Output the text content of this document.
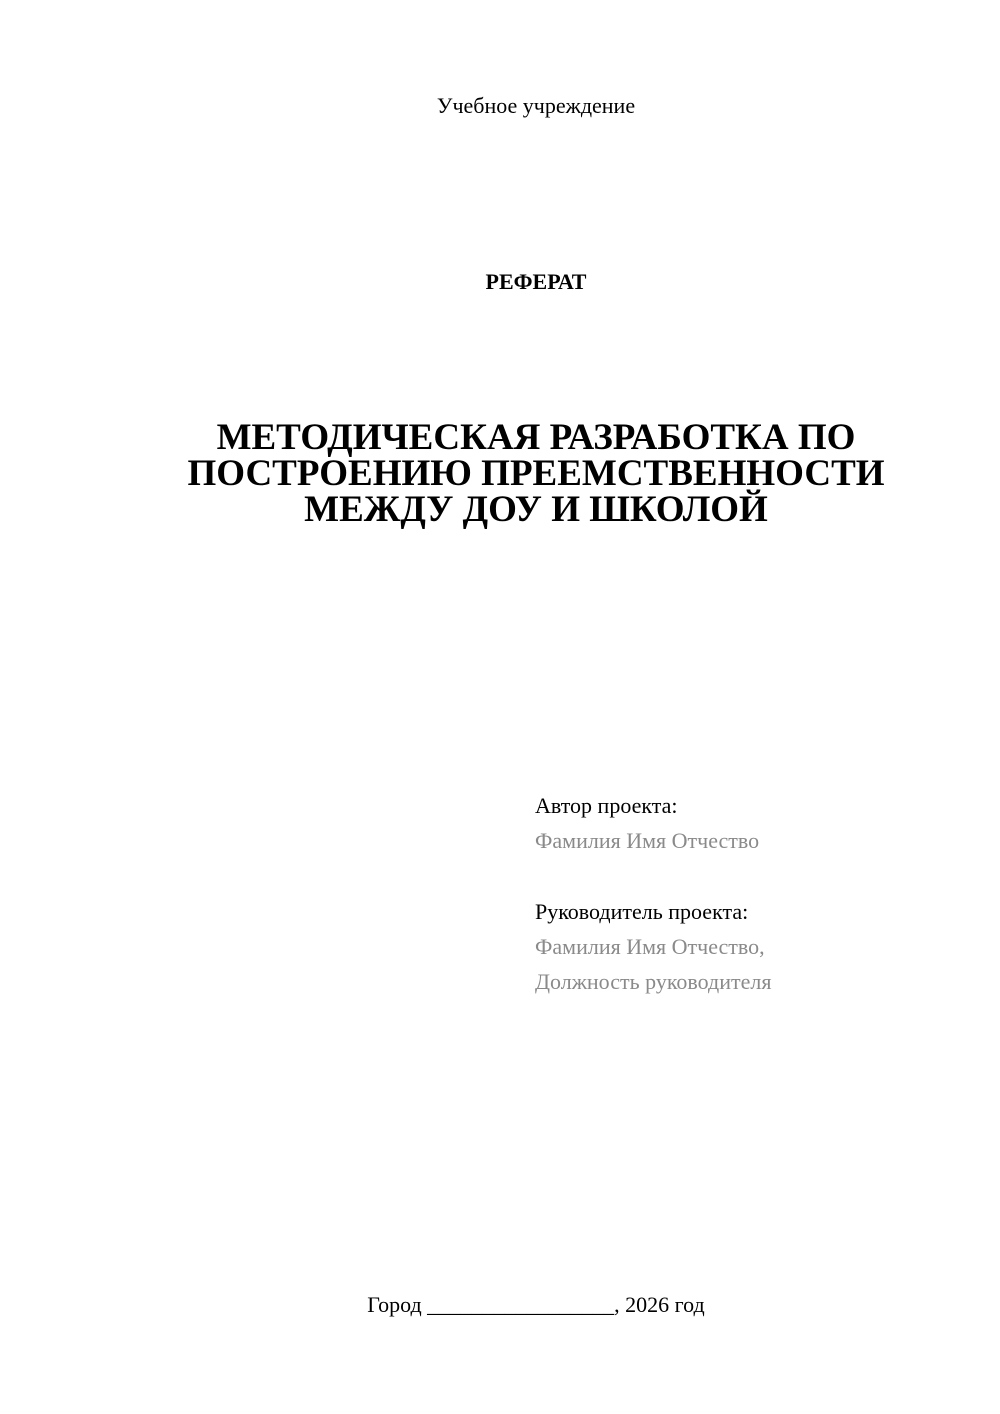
Учебное учреждение
РЕФЕРАТ
МЕТОДИЧЕСКАЯ РАЗРАБОТКА ПО
ПОСТРОЕНИЮ ПРЕЕМСТВЕННОСТИ
МЕЖДУ ДОУ И ШКОЛОЙ
Автор проекта:
Фамилия Имя Отчество
Руководитель проекта:
Фамилия Имя Отчество,
Должность руководителя
Город _________________, 2026 год
